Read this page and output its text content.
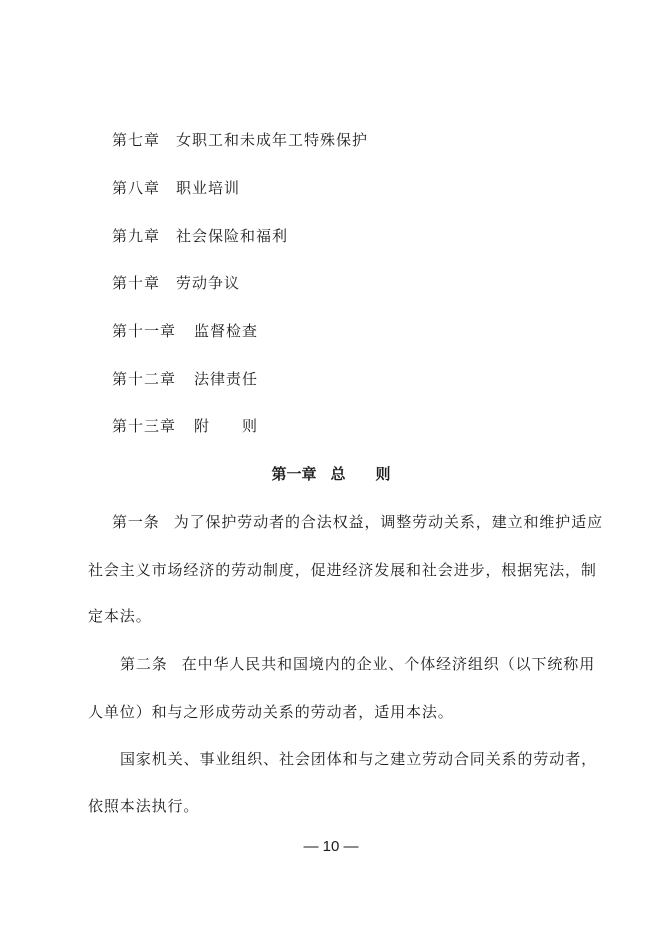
第七章 女职工和未成年工特殊保护
第八章 职业培训
第九章 社会保险和福利
第十章 劳动争议
第十一章 监督检查
第十二章 法律责任
第十三章 附　　则
第一章 总　　则
第一条 为了保护劳动者的合法权益，调整劳动关系，建立和维护适应
社会主义市场经济的劳动制度，促进经济发展和社会进步，根据宪法，制
定本法。
第二条 在中华人民共和国境内的企业、个体经济组织（以下统称用
人单位）和与之形成劳动关系的劳动者，适用本法。
国家机关、事业组织、社会团体和与之建立劳动合同关系的劳动者，
依照本法执行。
— 10 —
